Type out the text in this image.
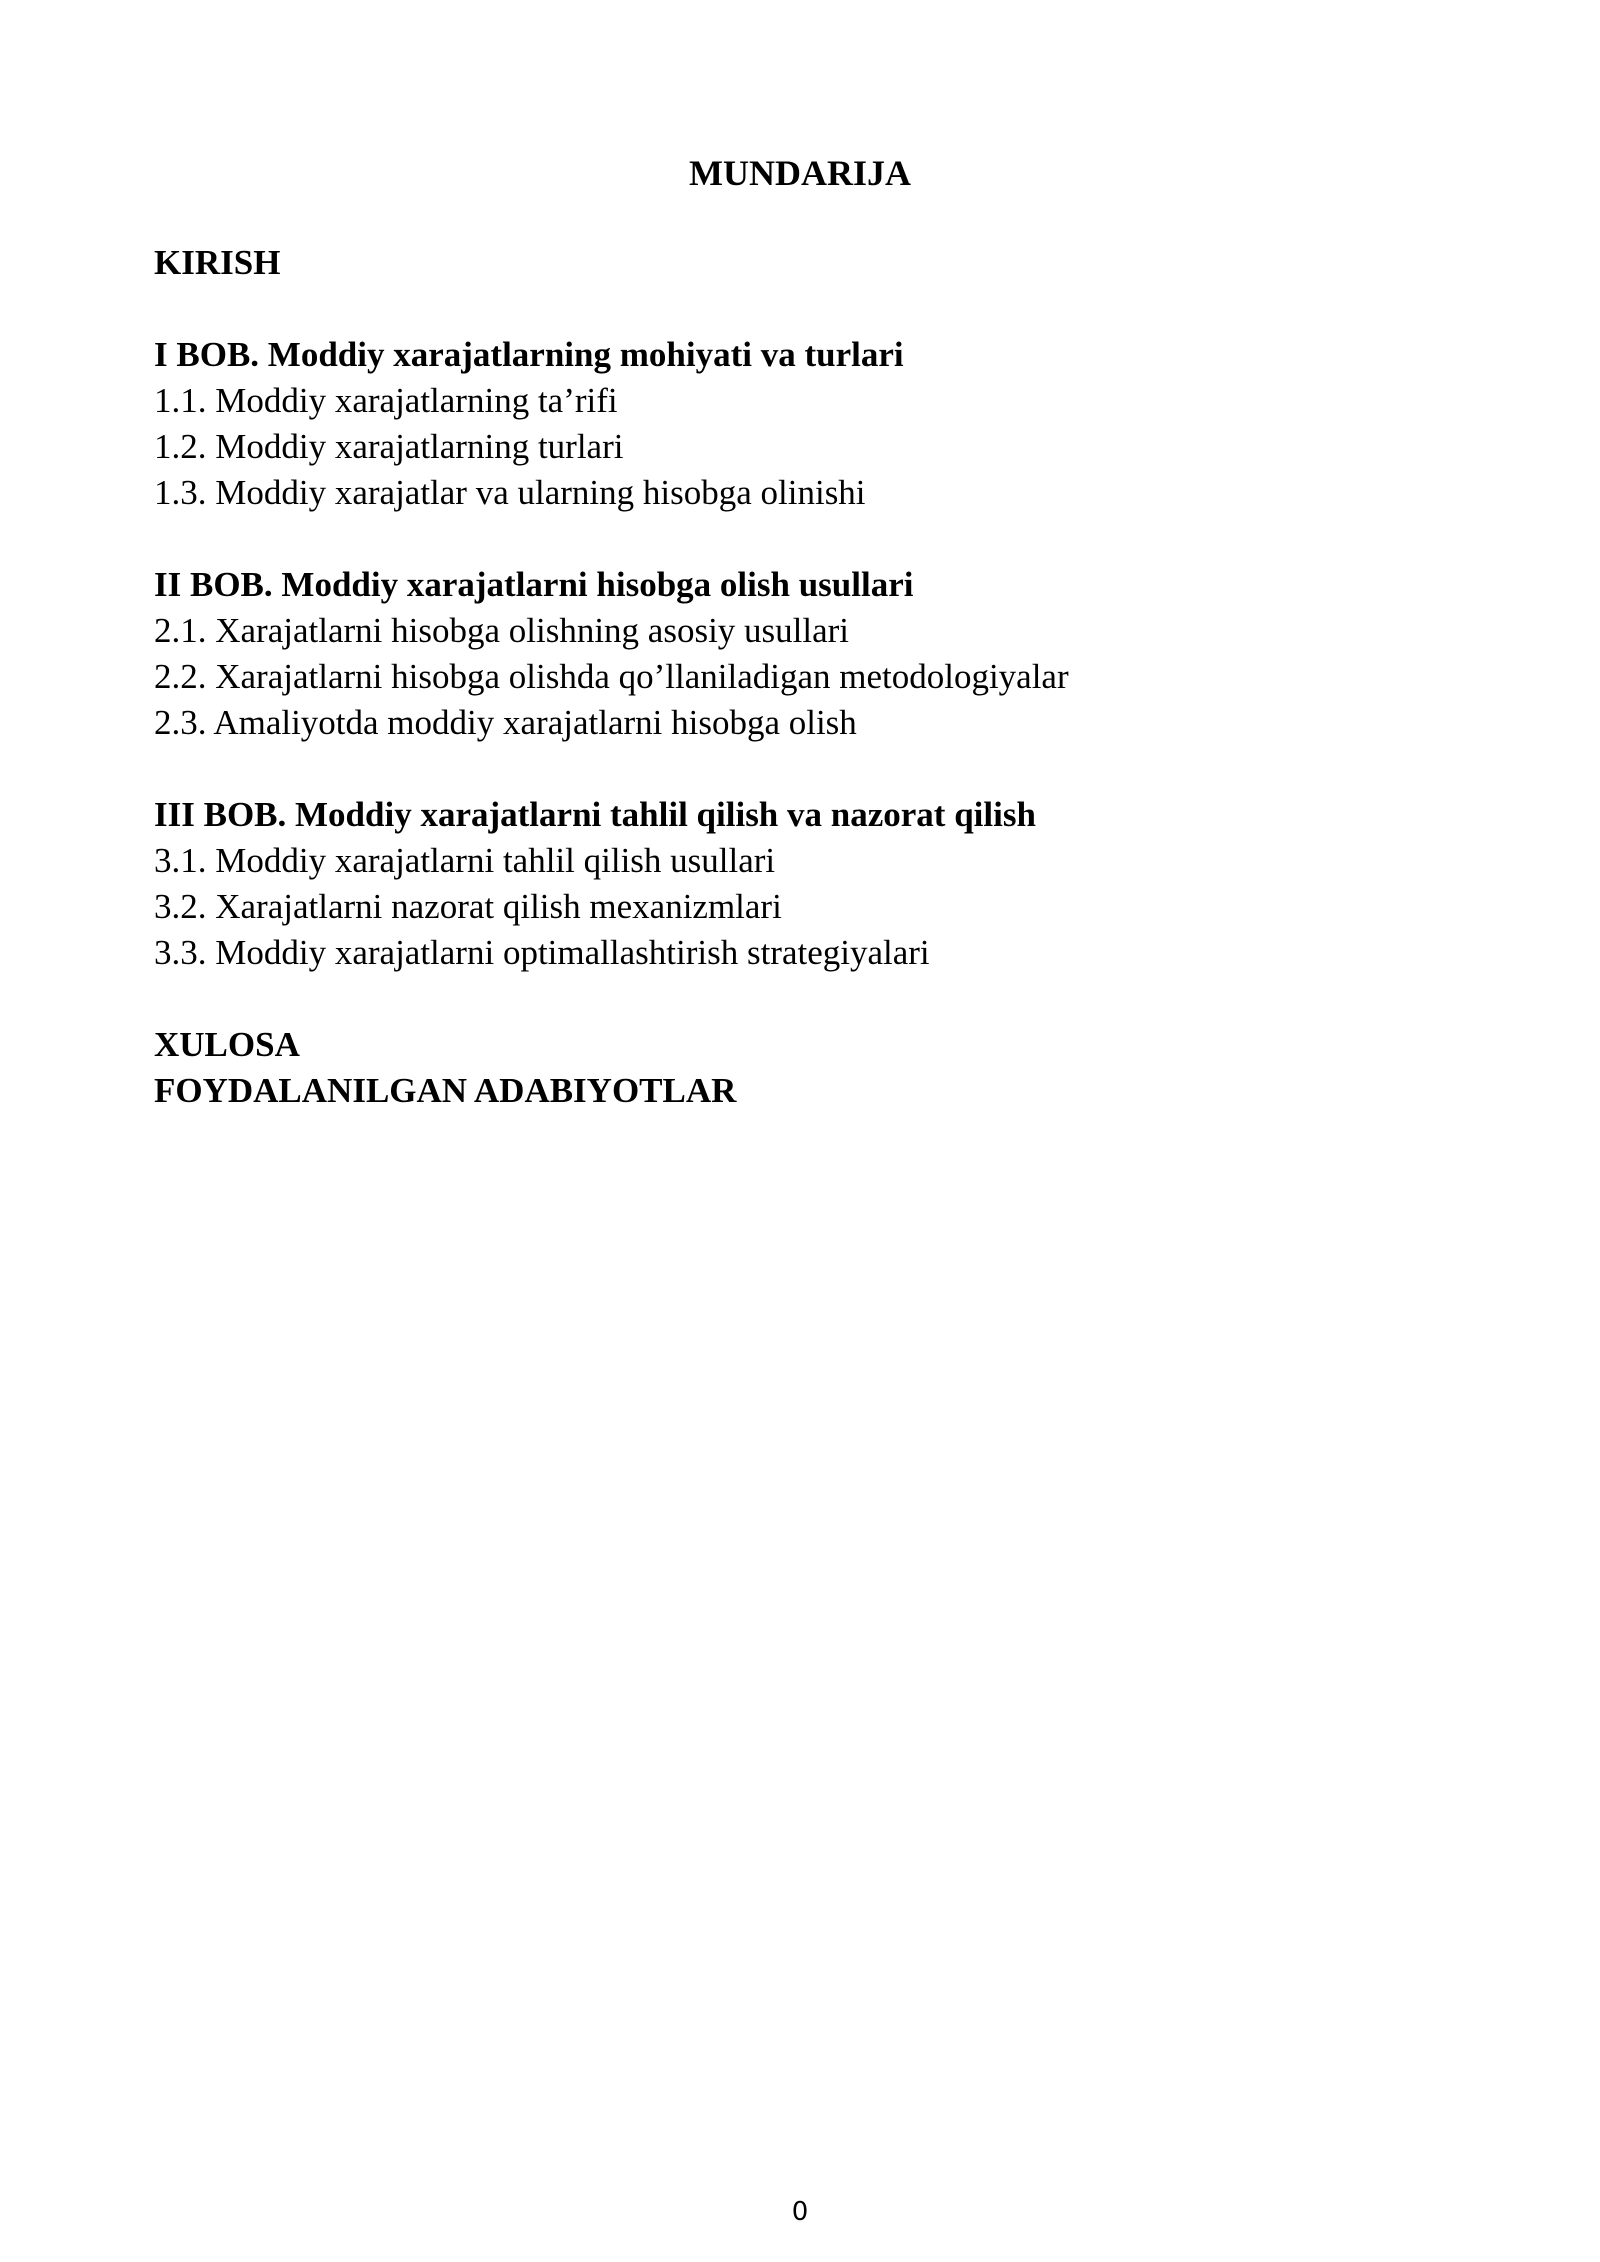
MUNDARIJA
KIRISH
I BOB. Moddiy xarajatlarning mohiyati va turlari
1.1. Moddiy xarajatlarning ta’rifi
1.2. Moddiy xarajatlarning turlari
1.3. Moddiy xarajatlar va ularning hisobga olinishi
II BOB. Moddiy xarajatlarni hisobga olish usullari
2.1. Xarajatlarni hisobga olishning asosiy usullari
2.2. Xarajatlarni hisobga olishda qo’llaniladigan metodologiyalar
2.3. Amaliyotda moddiy xarajatlarni hisobga olish
III BOB. Moddiy xarajatlarni tahlil qilish va nazorat qilish
3.1. Moddiy xarajatlarni tahlil qilish usullari
3.2. Xarajatlarni nazorat qilish mexanizmlari
3.3. Moddiy xarajatlarni optimallashtirish strategiyalari
XULOSA
FOYDALANILGAN ADABIYOTLAR
0
